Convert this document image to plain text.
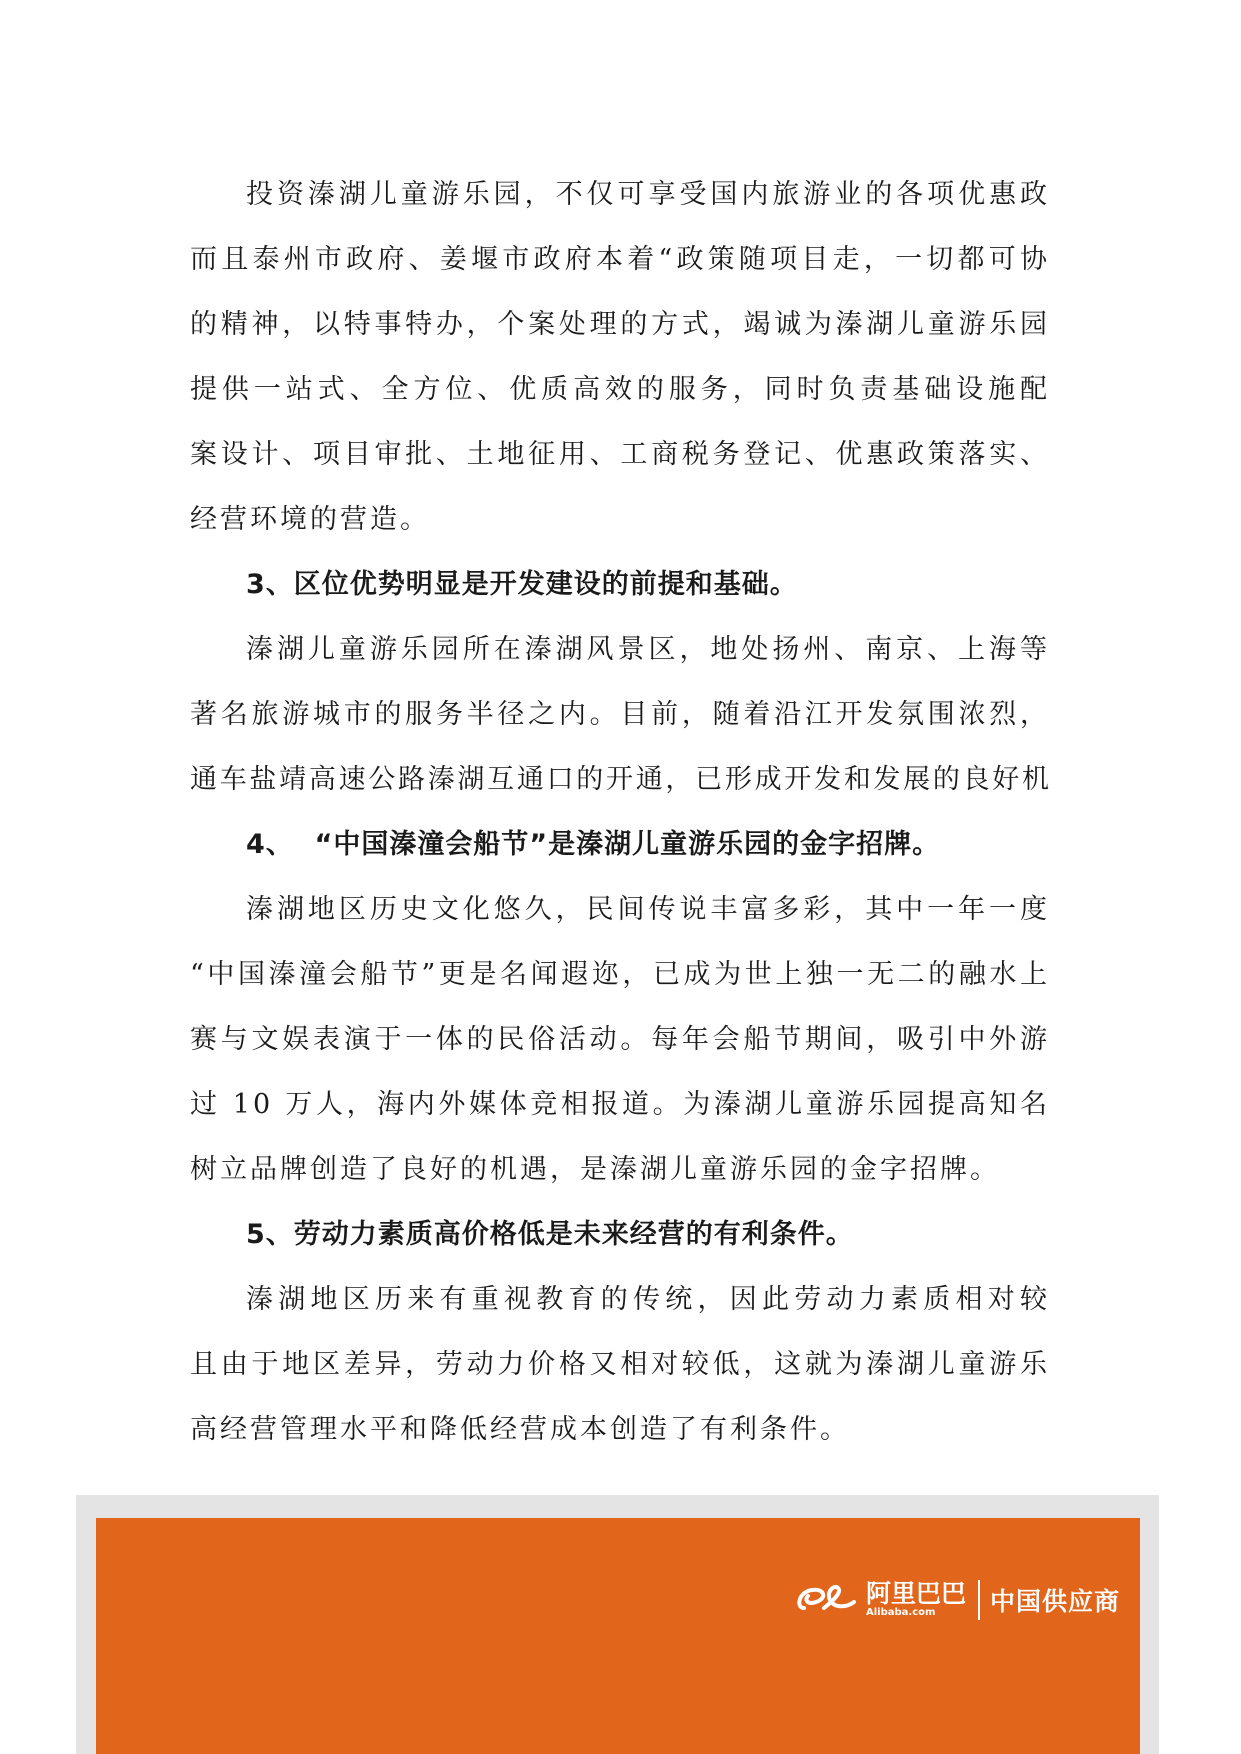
投资溱湖儿童游乐园，不仅可享受国内旅游业的各项优惠政
而且泰州市政府、姜堰市政府本着“政策随项目走，一切都可协
的精神，以特事特办，个案处理的方式，竭诚为溱湖儿童游乐园
提供一站式、全方位、优质高效的服务，同时负责基础设施配
案设计、项目审批、土地征用、工商税务登记、优惠政策落实、
经营环境的营造。
3、区位优势明显是开发建设的前提和基础。
溱湖儿童游乐园所在溱湖风景区，地处扬州、南京、上海等
著名旅游城市的服务半径之内。目前，随着沿江开发氛围浓烈，
通车盐靖高速公路溱湖互通口的开通，已形成开发和发展的良好机
4、  “中国溱潼会船节”是溱湖儿童游乐园的金字招牌。
溱湖地区历史文化悠久，民间传说丰富多彩，其中一年一度
“中国溱潼会船节”更是名闻遐迩，已成为世上独一无二的融水上
赛与文娱表演于一体的民俗活动。每年会船节期间，吸引中外游
过 10 万人，海内外媒体竞相报道。为溱湖儿童游乐园提高知名
树立品牌创造了良好的机遇，是溱湖儿童游乐园的金字招牌。
5、劳动力素质高价格低是未来经营的有利条件。
溱湖地区历来有重视教育的传统，因此劳动力素质相对较
且由于地区差异，劳动力价格又相对较低，这就为溱湖儿童游乐
高经营管理水平和降低经营成本创造了有利条件。
阿里巴巴
Alibaba.com	中国供应商
